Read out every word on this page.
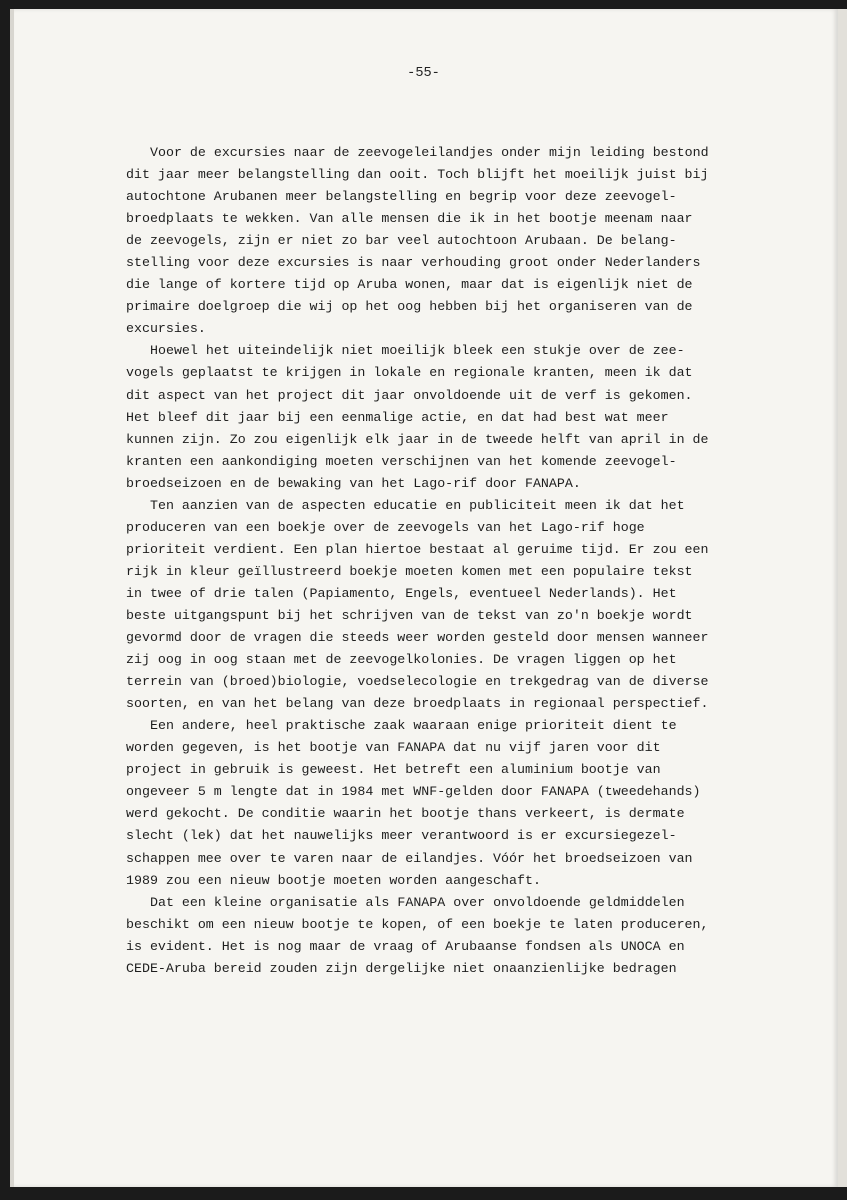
-55-
Voor de excursies naar de zeevogeleilandjes onder mijn leiding bestond
dit jaar meer belangstelling dan ooit. Toch blijft het moeilijk juist bij
autochtone Arubanen meer belangstelling en begrip voor deze zeevogel-
broedplaats te wekken. Van alle mensen die ik in het bootje meenam naar
de zeevogels, zijn er niet zo bar veel autochtoon Arubaan. De belang-
stelling voor deze excursies is naar verhouding groot onder Nederlanders
die lange of kortere tijd op Aruba wonen, maar dat is eigenlijk niet de
primaire doelgroep die wij op het oog hebben bij het organiseren van de
excursies.
Hoewel het uiteindelijk niet moeilijk bleek een stukje over de zee-
vogels geplaatst te krijgen in lokale en regionale kranten, meen ik dat
dit aspect van het project dit jaar onvoldoende uit de verf is gekomen.
Het bleef dit jaar bij een eenmalige actie, en dat had best wat meer
kunnen zijn. Zo zou eigenlijk elk jaar in de tweede helft van april in de
kranten een aankondiging moeten verschijnen van het komende zeevogel-
broedseizoen en de bewaking van het Lago-rif door FANAPA.
Ten aanzien van de aspecten educatie en publiciteit meen ik dat het
produceren van een boekje over de zeevogels van het Lago-rif hoge
prioriteit verdient. Een plan hiertoe bestaat al geruime tijd. Er zou een
rijk in kleur geïllustreerd boekje moeten komen met een populaire tekst
in twee of drie talen (Papiamento, Engels, eventueel Nederlands). Het
beste uitgangspunt bij het schrijven van de tekst van zo'n boekje wordt
gevormd door de vragen die steeds weer worden gesteld door mensen wanneer
zij oog in oog staan met de zeevogelkolonies. De vragen liggen op het
terrein van (broed)biologie, voedselecologie en trekgedrag van de diverse
soorten, en van het belang van deze broedplaats in regionaal perspectief.
Een andere, heel praktische zaak waaraan enige prioriteit dient te
worden gegeven, is het bootje van FANAPA dat nu vijf jaren voor dit
project in gebruik is geweest. Het betreft een aluminium bootje van
ongeveer 5 m lengte dat in 1984 met WNF-gelden door FANAPA (tweedehands)
werd gekocht. De conditie waarin het bootje thans verkeert, is dermate
slecht (lek) dat het nauwelijks meer verantwoord is er excursiegezel-
schappen mee over te varen naar de eilandjes. Vóór het broedseizoen van
1989 zou een nieuw bootje moeten worden aangeschaft.
Dat een kleine organisatie als FANAPA over onvoldoende geldmiddelen
beschikt om een nieuw bootje te kopen, of een boekje te laten produceren,
is evident. Het is nog maar de vraag of Arubaanse fondsen als UNOCA en
CEDE-Aruba bereid zouden zijn dergelijke niet onaanzienlijke bedragen
